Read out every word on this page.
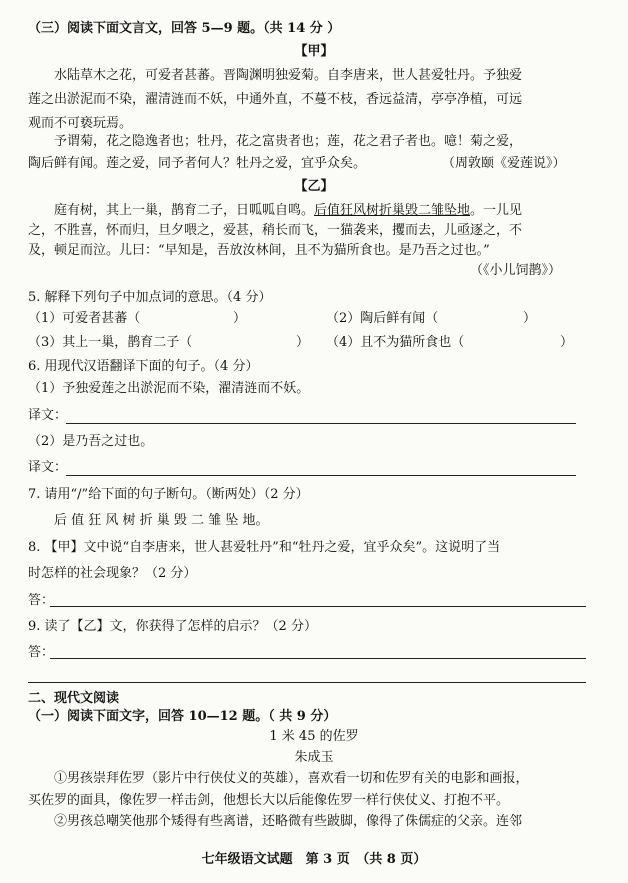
（三）阅读下面文言文，回答 5—9 题。（共 14 分 ）
【甲】
水陆草木之花，可爱者甚蕃。晋陶渊明独爱菊。自李唐来，世人甚爱牡丹。予独爱
莲之出淤泥而不染，濯清涟而不妖，中通外直，不蔓不枝，香远益清，亭亭净植，可远
观而不可亵玩焉。
予谓菊，花之隐逸者也；牡丹，花之富贵者也；莲，花之君子者也。噫！菊之爱，
陶后鲜有闻。莲之爱，同予者何人？牡丹之爱，宜乎众矣。	（周敦颐《爱莲说》）
【乙】
庭有树，其上一巢，鹊育二子，日呱呱自鸣。后值狂风树折巢毁二雏坠地。一儿见
之，不胜喜，怀而归，旦夕喂之，爱甚，稍长而飞，一猫袭来，攫而去，儿亟逐之，不
及，顿足而泣。儿曰：“早知是，吾放汝林间，且不为猫所食也。是乃吾之过也。”
（《小儿饲鹊》）
5. 解释下列句子中加点词的意思。（4 分）
（1）可爱者甚蕃（	）	（2）陶后鲜有闻（	）
（3）其上一巢，鹊育二子（	） （4）且不为猫所食也（	）
6. 用现代汉语翻译下面的句子。（4 分）
（1）予独爱莲之出淤泥而不染，濯清涟而不妖。
译文：
（2）是乃吾之过也。
译文：
7. 请用“/”给下面的句子断句。（断两处）（2 分）
后 值 狂 风 树 折 巢 毁 二 雏 坠 地。
8. 【甲】文中说“自李唐来，世人甚爱牡丹”和“牡丹之爱，宜乎众矣”。这说明了当
时怎样的社会现象？（2 分）
答：
9. 读了【乙】文，你获得了怎样的启示？（2 分）
答：
二、现代文阅读
（一）阅读下面文字，回答 10—12 题。（ 共 9 分）
1 米 45 的佐罗
朱成玉
①男孩崇拜佐罗（影片中行侠仗义的英雄），喜欢看一切和佐罗有关的电影和画报，
买佐罗的面具，像佐罗一样击剑，他想长大以后能像佐罗一样行侠仗义、打抱不平。
②男孩总嘲笑他那个矮得有些离谱，还略微有些跛脚，像得了侏儒症的父亲。连邻
七年级语文试题　第 3 页　（共 8 页）
